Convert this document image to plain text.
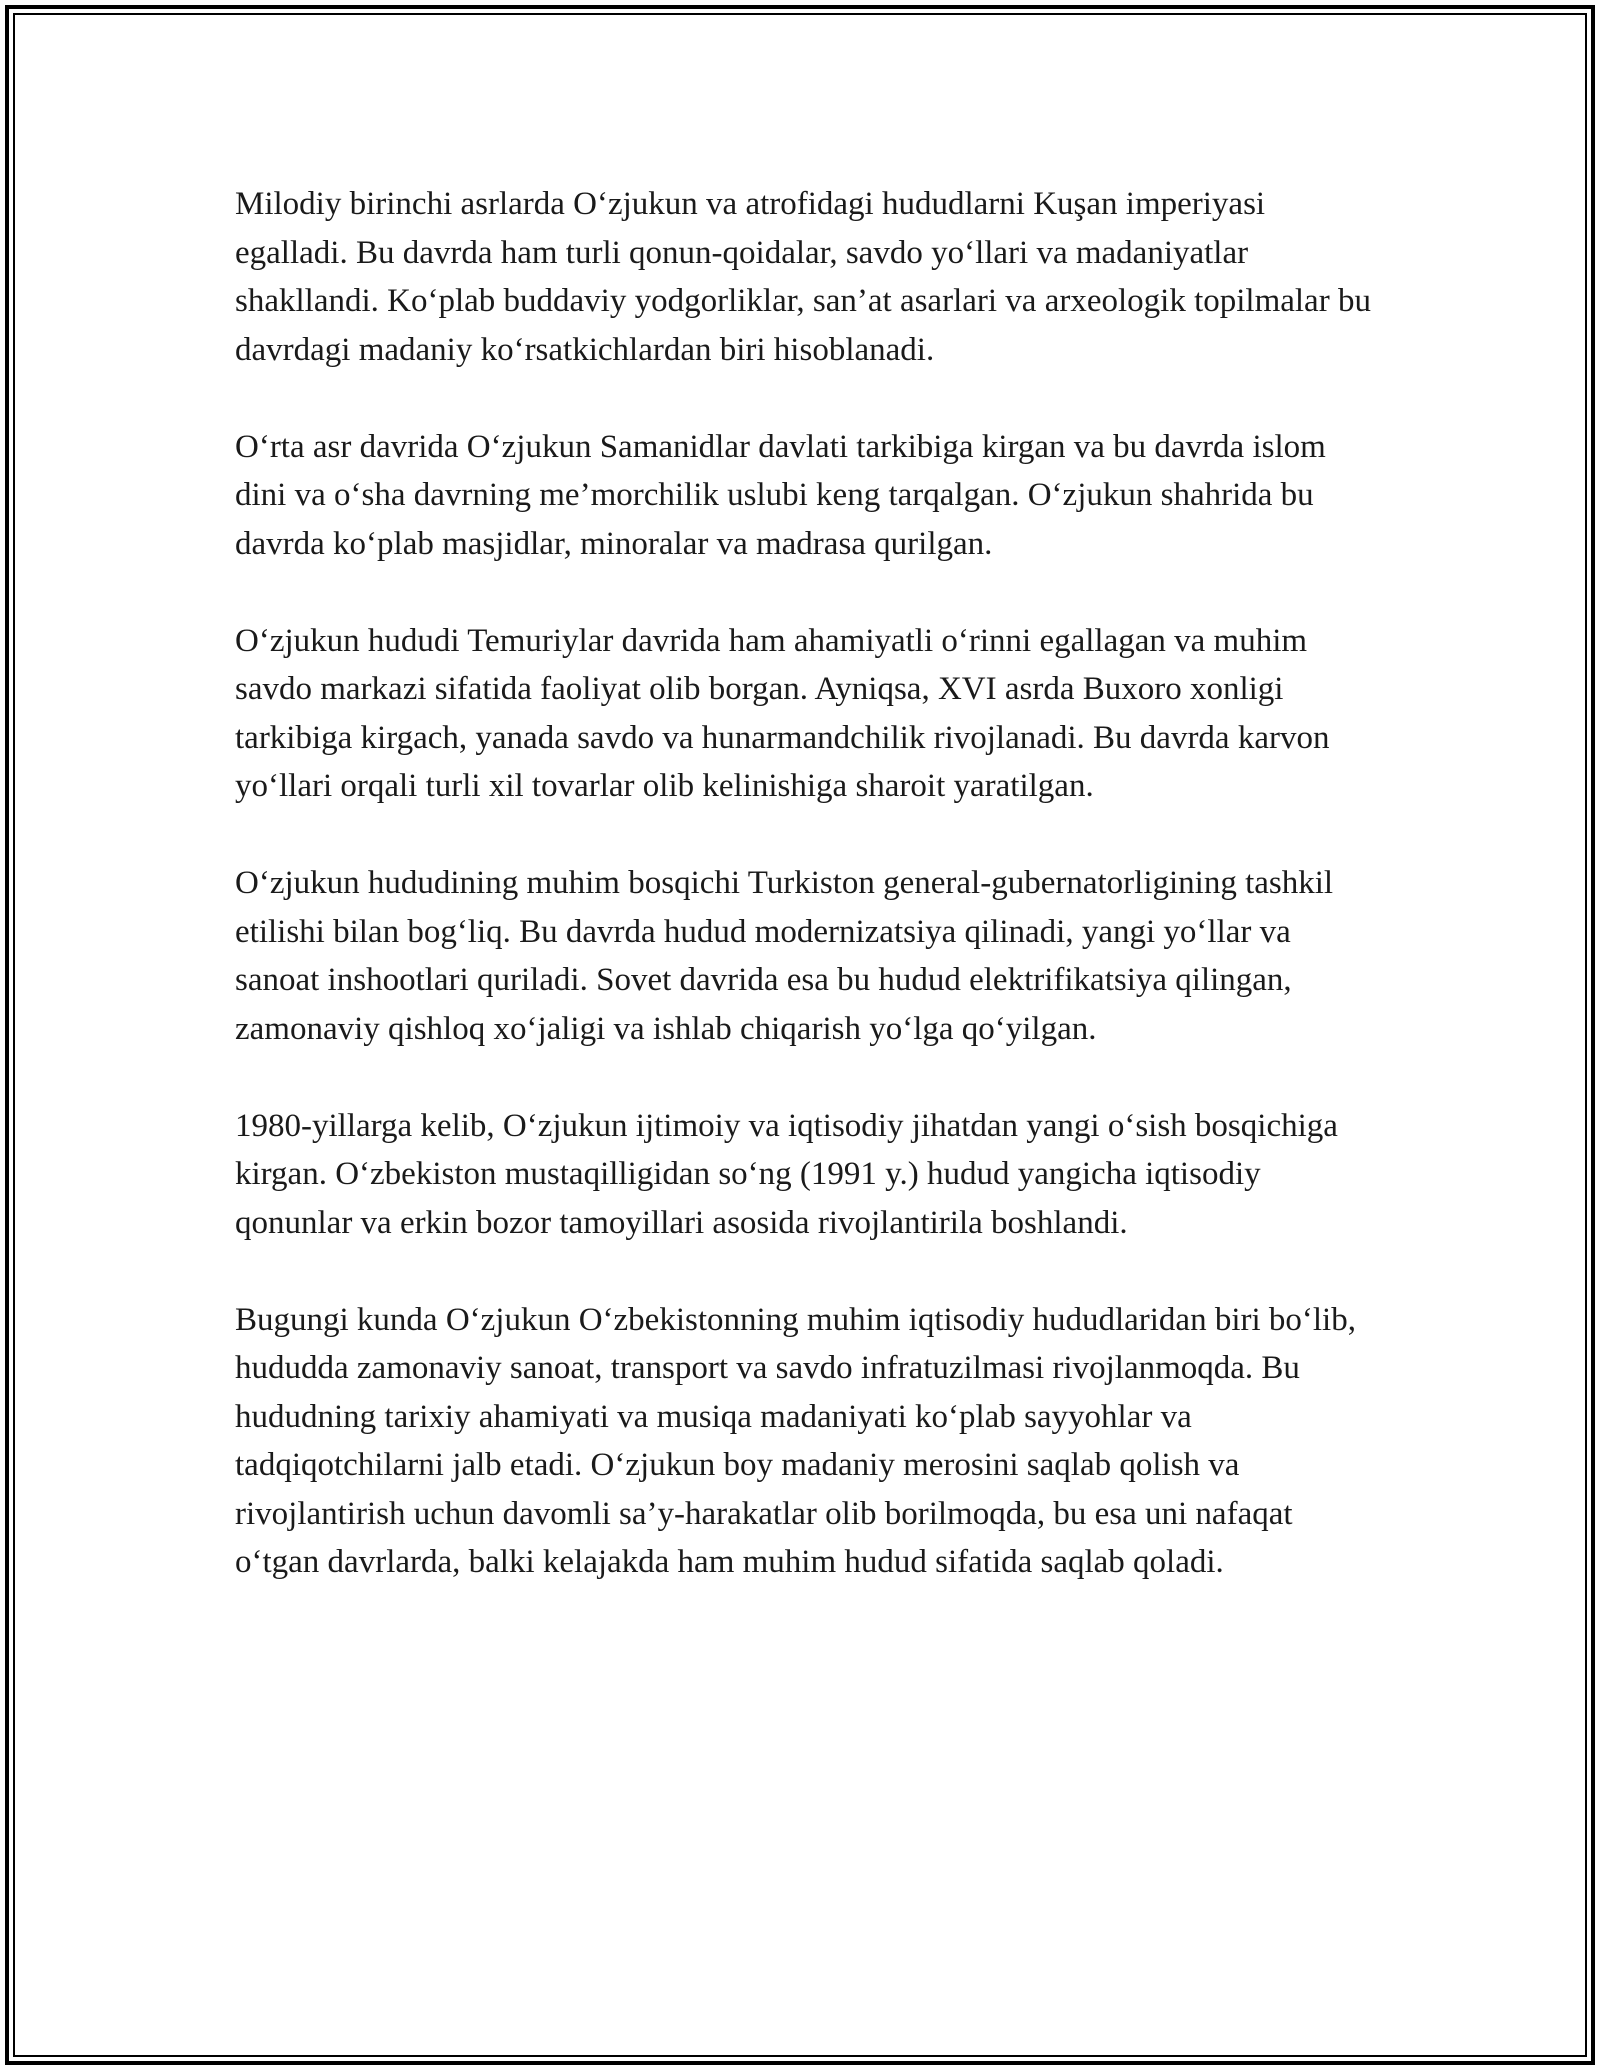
Milodiy birinchi asrlarda O‘zjukun va atrofidagi hududlarni Kuşan imperiyasi egalladi. Bu davrda ham turli qonun-qoidalar, savdo yo‘llari va madaniyatlar shakllandi. Ko‘plab buddaviy yodgorliklar, san’at asarlari va arxeologik topilmalar bu davrdagi madaniy ko‘rsatkichlardan biri hisoblanadi.

O‘rta asr davrida O‘zjukun Samanidlar davlati tarkibiga kirgan va bu davrda islom dini va o‘sha davrning me’morchilik uslubi keng tarqalgan. O‘zjukun shahrida bu davrda ko‘plab masjidlar, minoralar va madrasa qurilgan.

O‘zjukun hududi Temuriylar davrida ham ahamiyatli o‘rinni egallagan va muhim savdo markazi sifatida faoliyat olib borgan. Ayniqsa, XVI asrda Buxoro xonligi tarkibiga kirgach, yanada savdo va hunarmandchilik rivojlanadi. Bu davrda karvon yo‘llari orqali turli xil tovarlar olib kelinishiga sharoit yaratilgan.

O‘zjukun hududining muhim bosqichi Turkiston general-gubernatorligining tashkil etilishi bilan bog‘liq. Bu davrda hudud modernizatsiya qilinadi, yangi yo‘llar va sanoat inshootlari quriladi. Sovet davrida esa bu hudud elektrifikatsiya qilingan, zamonaviy qishloq xo‘jaligi va ishlab chiqarish yo‘lga qo‘yilgan.

1980-yillarga kelib, O‘zjukun ijtimoiy va iqtisodiy jihatdan yangi o‘sish bosqichiga kirgan. O‘zbekiston mustaqilligidan so‘ng (1991 y.) hudud yangicha iqtisodiy qonunlar va erkin bozor tamoyillari asosida rivojlantirila boshlandi.

Bugungi kunda O‘zjukun O‘zbekistonning muhim iqtisodiy hududlaridan biri bo‘lib, hududda zamonaviy sanoat, transport va savdo infratuzilmasi rivojlanmoqda. Bu hududning tarixiy ahamiyati va musiqa madaniyati ko‘plab sayyohlar va tadqiqotchilarni jalb etadi. O‘zjukun boy madaniy merosini saqlab qolish va rivojlantirish uchun davomli sa’y-harakatlar olib borilmoqda, bu esa uni nafaqat o‘tgan davrlarda, balki kelajakda ham muhim hudud sifatida saqlab qoladi.
